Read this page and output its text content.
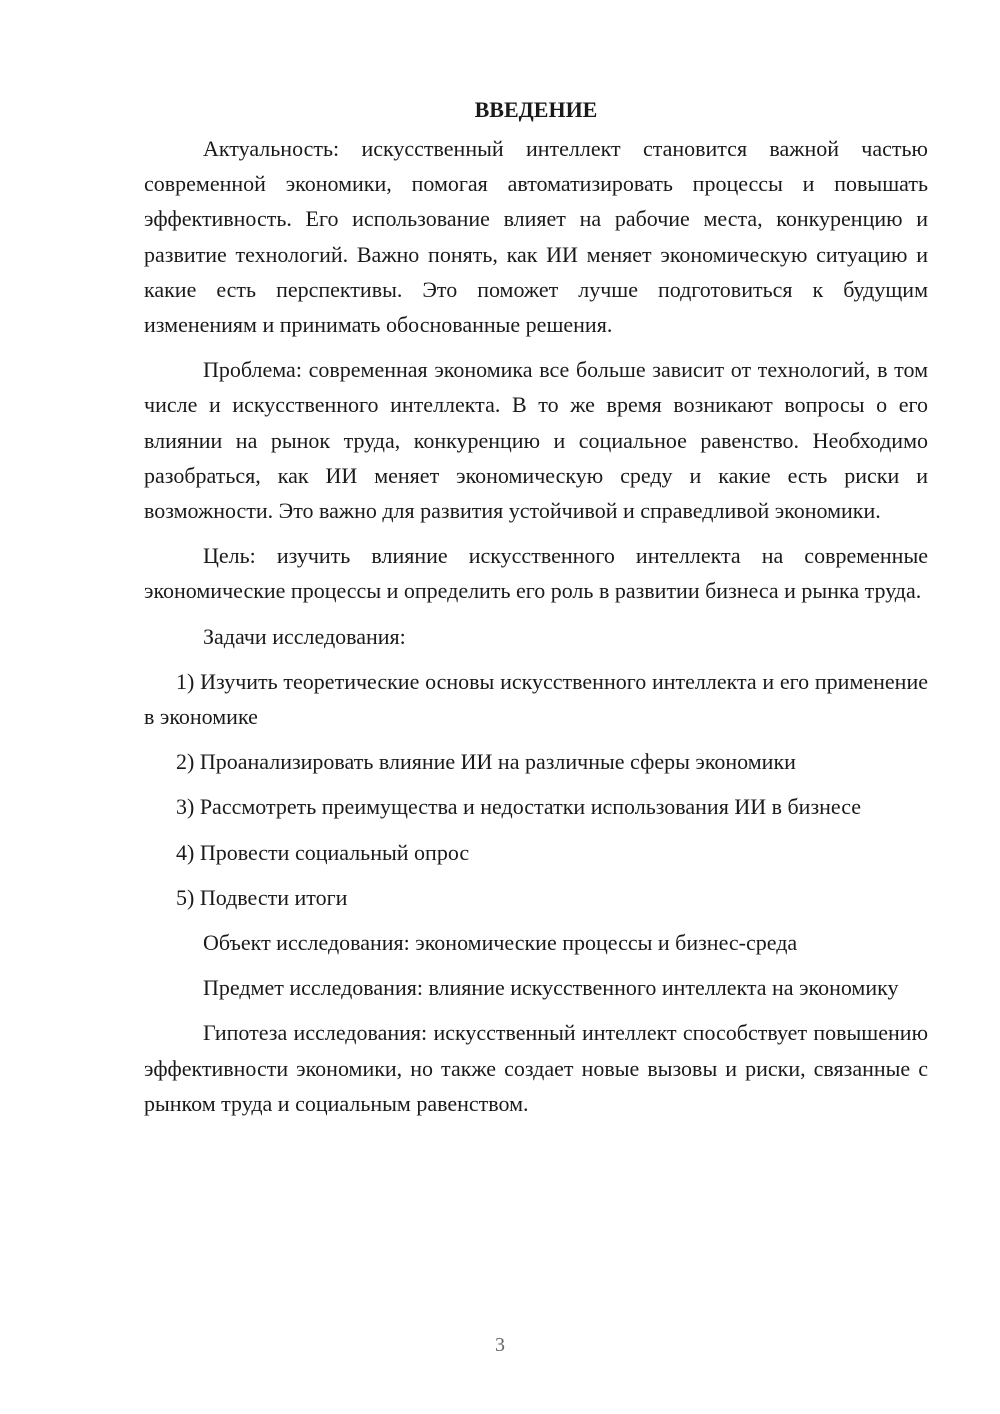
ВВЕДЕНИЕ

Актуальность: искусственный интеллект становится важной частью современной экономики, помогая автоматизировать процессы и повышать эффективность. Его использование влияет на рабочие места, конкуренцию и развитие технологий. Важно понять, как ИИ меняет экономическую ситуацию и какие есть перспективы. Это поможет лучше подготовиться к будущим изменениям и принимать обоснованные решения.

Проблема: современная экономика все больше зависит от технологий, в том числе и искусственного интеллекта. В то же время возникают вопросы о его влиянии на рынок труда, конкуренцию и социальное равенство. Необходимо разобраться, как ИИ меняет экономическую среду и какие есть риски и возможности. Это важно для развития устойчивой и справедливой экономики.

Цель: изучить влияние искусственного интеллекта на современные экономические процессы и определить его роль в развитии бизнеса и рынка труда.

Задачи исследования:

1) Изучить теоретические основы искусственного интеллекта и его применение в экономике

2) Проанализировать влияние ИИ на различные сферы экономики

3) Рассмотреть преимущества и недостатки использования ИИ в бизнесе

4) Провести социальный опрос

5) Подвести итоги

Объект исследования: экономические процессы и бизнес-среда

Предмет исследования: влияние искусственного интеллекта на экономику

Гипотеза исследования: искусственный интеллект способствует повышению эффективности экономики, но также создает новые вызовы и риски, связанные с рынком труда и социальным равенством.

3
